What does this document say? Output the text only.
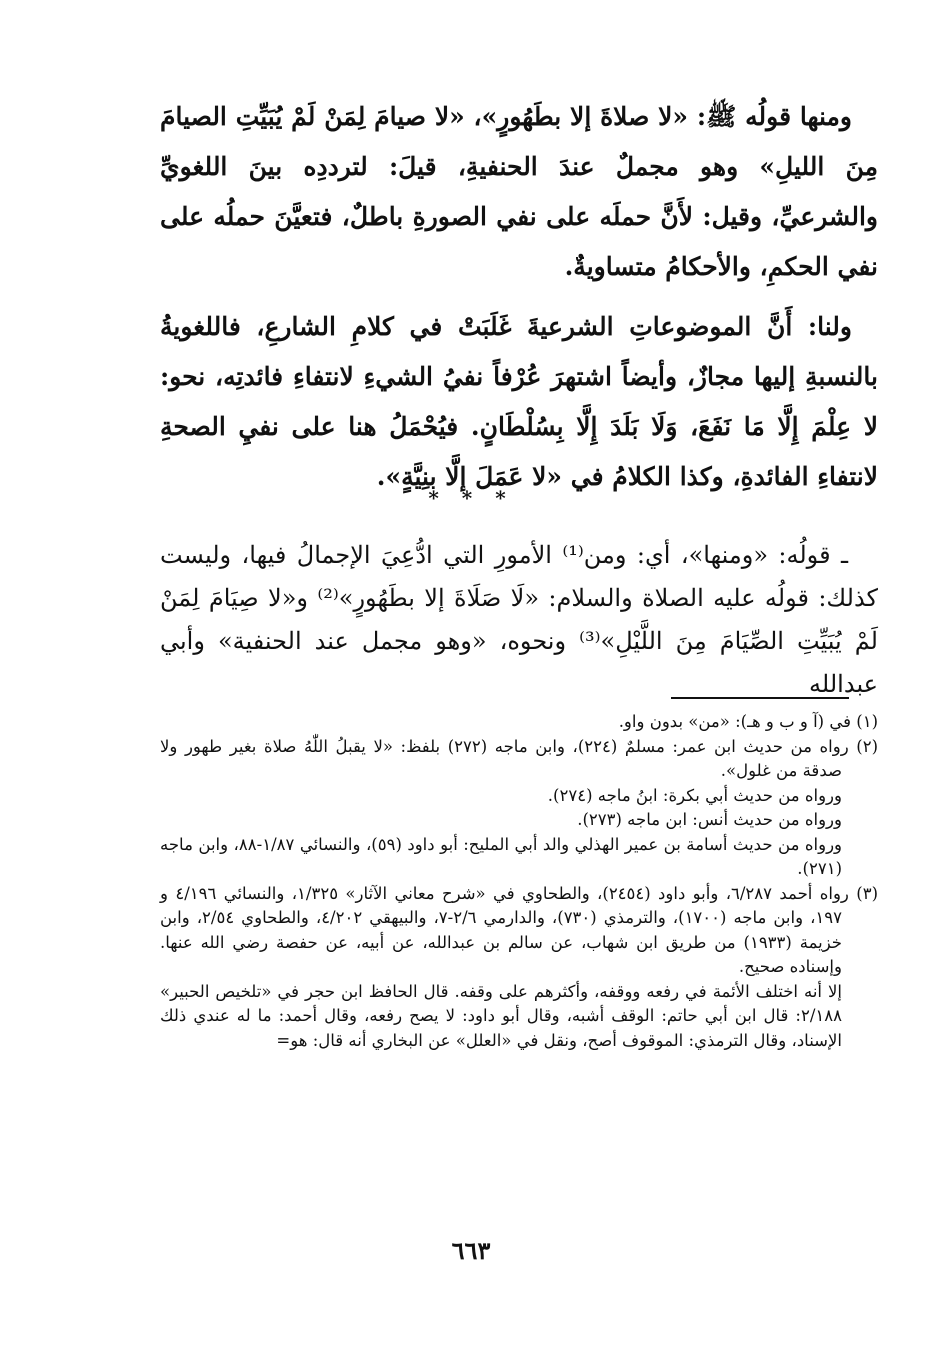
ومنها قولُه ﷺ: «لا صلاةَ إلا بطَهُورٍ»، «لا صيامَ لِمَنْ لَمْ يُبَيِّتِ الصيامَ مِنَ الليلِ» وهو مجملٌ عندَ الحنفيةِ، قيلَ: لترددِه بينَ اللغويِّ والشرعيِّ، وقيل: لأَنَّ حملَه على نفي الصورةِ باطلٌ، فتعيَّنَ حملُه على نفي الحكمِ، والأحكامُ متساويةٌ.

ولنا: أَنَّ الموضوعاتِ الشرعيةَ غَلَبَتْ في كلامِ الشارعِ، فاللغويةُ بالنسبةِ إليها مجازٌ، وأيضاً اشتهرَ عُرْفاً نفيُ الشيءِ لانتفاءِ فائدتِه، نحو: لا عِلْمَ إِلَّا مَا نَفَعَ، وَلَا بَلَدَ إِلَّا بِسُلْطَانٍ. فيُحْمَلُ هنا على نفيِ الصحةِ لانتفاءِ الفائدةِ، وكذا الكلامُ في «لا عَمَلَ إلَّا بنِيَّةٍ».

* * *

ـ قولُه: «ومنها»، أي: ومن⁽¹⁾ الأمورِ التي ادُّعِيَ الإجمالُ فيها، وليست كذلك: قولُه عليه الصلاة والسلام: «لَا صَلَاةَ إلا بطَهُورٍ»⁽²⁾ و«لا صِيَامَ لِمَنْ لَمْ يُبَيِّتِ الصِّيَامَ مِنَ اللَّيْلِ»⁽³⁾ ونحوه، «وهو مجمل عند الحنفية» وأبي عبدالله

(١) في (آ و ب و هـ): «من» بدون واو.

(٢) رواه من حديث ابن عمر: مسلمٌ (٢٢٤)، وابن ماجه (٢٧٢) بلفظ: «لا يقبلُ اللّٰهُ صلاة بغير طهور ولا صدقة من غلول».

ورواه من حديث أبي بكرة: ابنُ ماجه (٢٧٤).

ورواه من حديث أنس: ابن ماجه (٢٧٣).

ورواه من حديث أسامة بن عمير الهذلي والد أبي المليح: أبو داود (٥٩)، والنسائي ١/٨٧-٨٨، وابن ماجه (٢٧١).

(٣) رواه أحمد ٦/٢٨٧، وأبو داود (٢٤٥٤)، والطحاوي في «شرح معاني الآثار» ١/٣٢٥، والنسائي ٤/١٩٦ و ١٩٧، وابن ماجه (١٧٠٠)، والترمذي (٧٣٠)، والدارمي ٢/٦-٧، والبيهقي ٤/٢٠٢، والطحاوي ٢/٥٤، وابن خزيمة (١٩٣٣) من طريق ابن شهاب، عن سالم بن عبدالله، عن أبيه، عن حفصة رضي الله عنها. وإسناده صحيح.

إلا أنه اختلف الأئمة في رفعه ووقفه، وأكثرهم على وقفه. قال الحافظ ابن حجر في «تلخيص الحبير» ٢/١٨٨: قال ابن أبي حاتم: الوقف أشبه، وقال أبو داود: لا يصح رفعه، وقال أحمد: ما له عندي ذلك الإسناد، وقال الترمذي: الموقوف أصح، ونقل في «العلل» عن البخاري أنه قال: هو=

٦٦٣
